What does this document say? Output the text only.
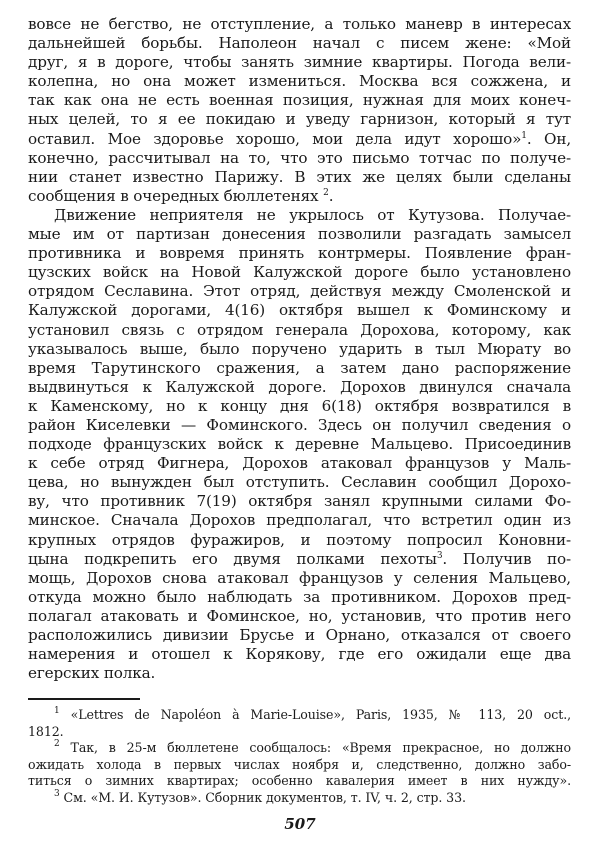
вовсе не бегство, не отступление, а только маневр в интересах
дальнейшей борьбы. Наполеон начал с писем жене: «Мой
друг, я в дороге, чтобы занять зимние квартиры. Погода вели-
колепна, но она может измениться. Москва вся сожжена, и
так как она не есть военная позиция, нужная для моих конеч-
ных целей, то я ее покидаю и уведу гарнизон, который я тут
оставил. Мое здоровье хорошо, мои дела идут хорошо»$^1$. Он,
конечно, рассчитывал на то, что это письмо тотчас по получе-
нии станет известно Парижу. В этих же целях были сделаны
сообщения в очередных бюллетенях $^2$.
Движение неприятеля не укрылось от Кутузова. Получае-
мые им от партизан донесения позволили разгадать замысел
противника и вовремя принять контрмеры. Появление фран-
цузских войск на Новой Калужской дороге было установлено
отрядом Сеславина. Этот отряд, действуя между Смоленской и
Калужской дорогами, 4(16) октября вышел к Фоминскому и
установил связь с отрядом генерала Дорохова, которому, как
указывалось выше, было поручено ударить в тыл Мюрату во
время Тарутинского сражения, а затем дано распоряжение
выдвинуться к Калужской дороге. Дорохов двинулся сначала
к Каменскому, но к концу дня 6(18) октября возвратился в
район Киселевки — Фоминского. Здесь он получил сведения о
подходе французских войск к деревне Мальцево. Присоединив
к себе отряд Фигнера, Дорохов атаковал французов у Маль-
цева, но вынужден был отступить. Сеславин сообщил Дорохо-
ву, что противник 7(19) октября занял крупными силами Фо-
минское. Сначала Дорохов предполагал, что встретил один из
крупных отрядов фуражиров, и поэтому попросил Коновни-
цына подкрепить его двумя полками пехоты$^3$. Получив по-
мощь, Дорохов снова атаковал французов у селения Мальцево,
откуда можно было наблюдать за противником. Дорохов пред-
полагал атаковать и Фоминское, но, установив, что против него
расположились дивизии Брусье и Орнано, отказался от своего
намерения и отошел к Корякову, где его ожидали еще два
егерских полка.
$^1$ «Lettres de Napoléon à Marie-Louise», Paris, 1935, № 113, 20 oct.,
1812.
$^2$ Так, в 25-м бюллетене сообщалось: «Время прекрасное, но должно
ожидать холода в первых числах ноября и, следственно, должно забо-
титься о зимних квартирах; особенно кавалерия имеет в них нужду».
$^3$ См. «М. И. Кутузов». Сборник документов, т. IV, ч. 2, стр. 33.
507
